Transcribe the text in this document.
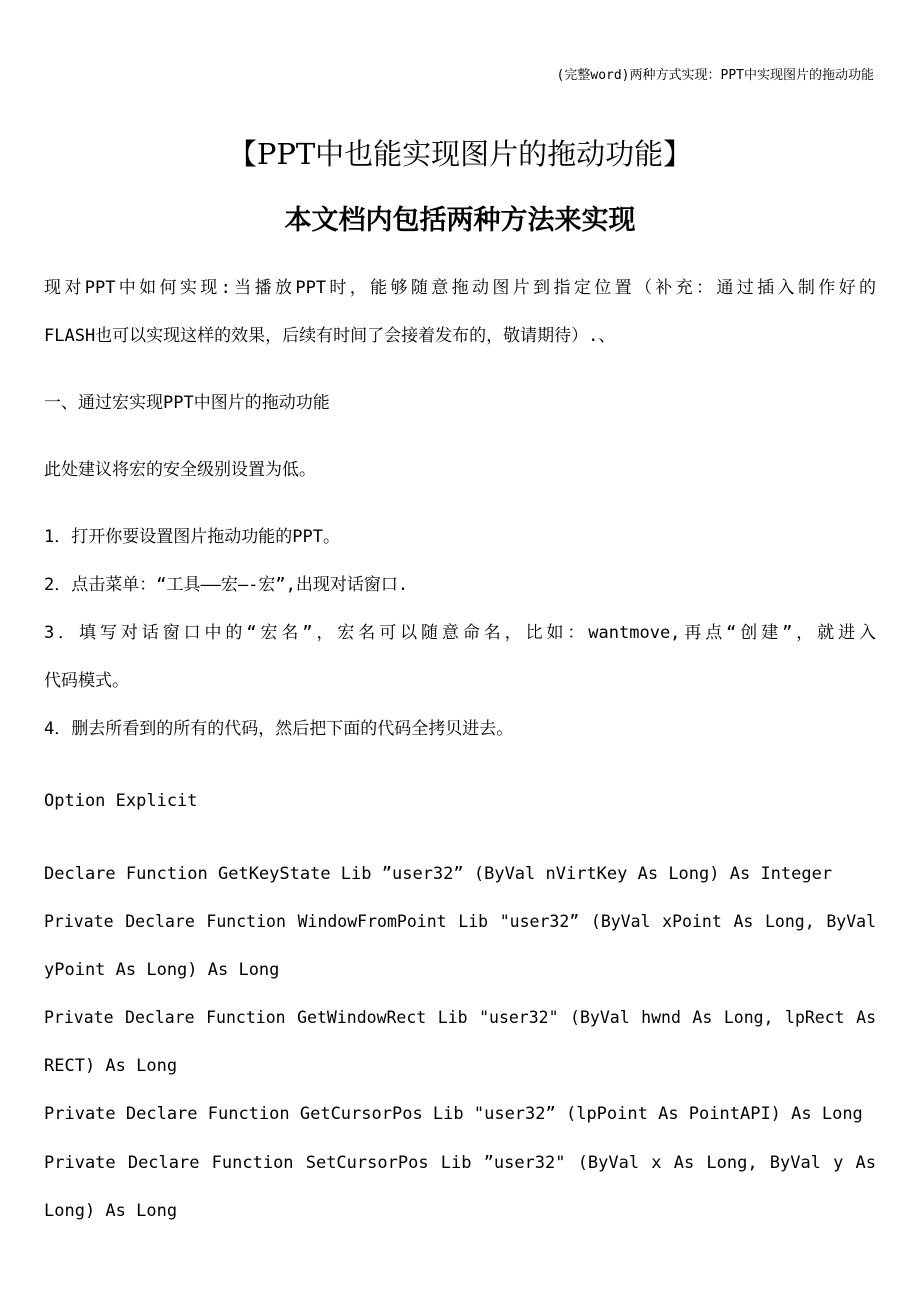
(完整word)两种方式实现：PPT中实现图片的拖动功能
【PPT中也能实现图片的拖动功能】
本文档内包括两种方法来实现
现对PPT中如何实现:当播放PPT时，能够随意拖动图片到指定位置（补充：通过插入制作好的
FLASH也可以实现这样的效果，后续有时间了会接着发布的，敬请期待）.、
一、通过宏实现PPT中图片的拖动功能
此处建议将宏的安全级别设置为低。
1．打开你要设置图片拖动功能的PPT。
2．点击菜单：“工具——宏—-宏”,出现对话窗口.
3．填写对话窗口中的“宏名”，宏名可以随意命名，比如：wantmove,再点“创建”，就进入
代码模式。
4．删去所看到的所有的代码，然后把下面的代码全拷贝进去。
Option Explicit
Declare Function GetKeyState Lib ”user32” (ByVal nVirtKey As Long) As Integer
Private Declare Function WindowFromPoint Lib "user32” (ByVal xPoint As Long, ByVal
yPoint As Long) As Long
Private Declare Function GetWindowRect Lib "user32" (ByVal hwnd As Long, lpRect As
RECT) As Long
Private Declare Function GetCursorPos Lib "user32” (lpPoint As PointAPI) As Long
Private Declare Function SetCursorPos Lib ”user32" (ByVal x As Long, ByVal y As
Long) As Long
